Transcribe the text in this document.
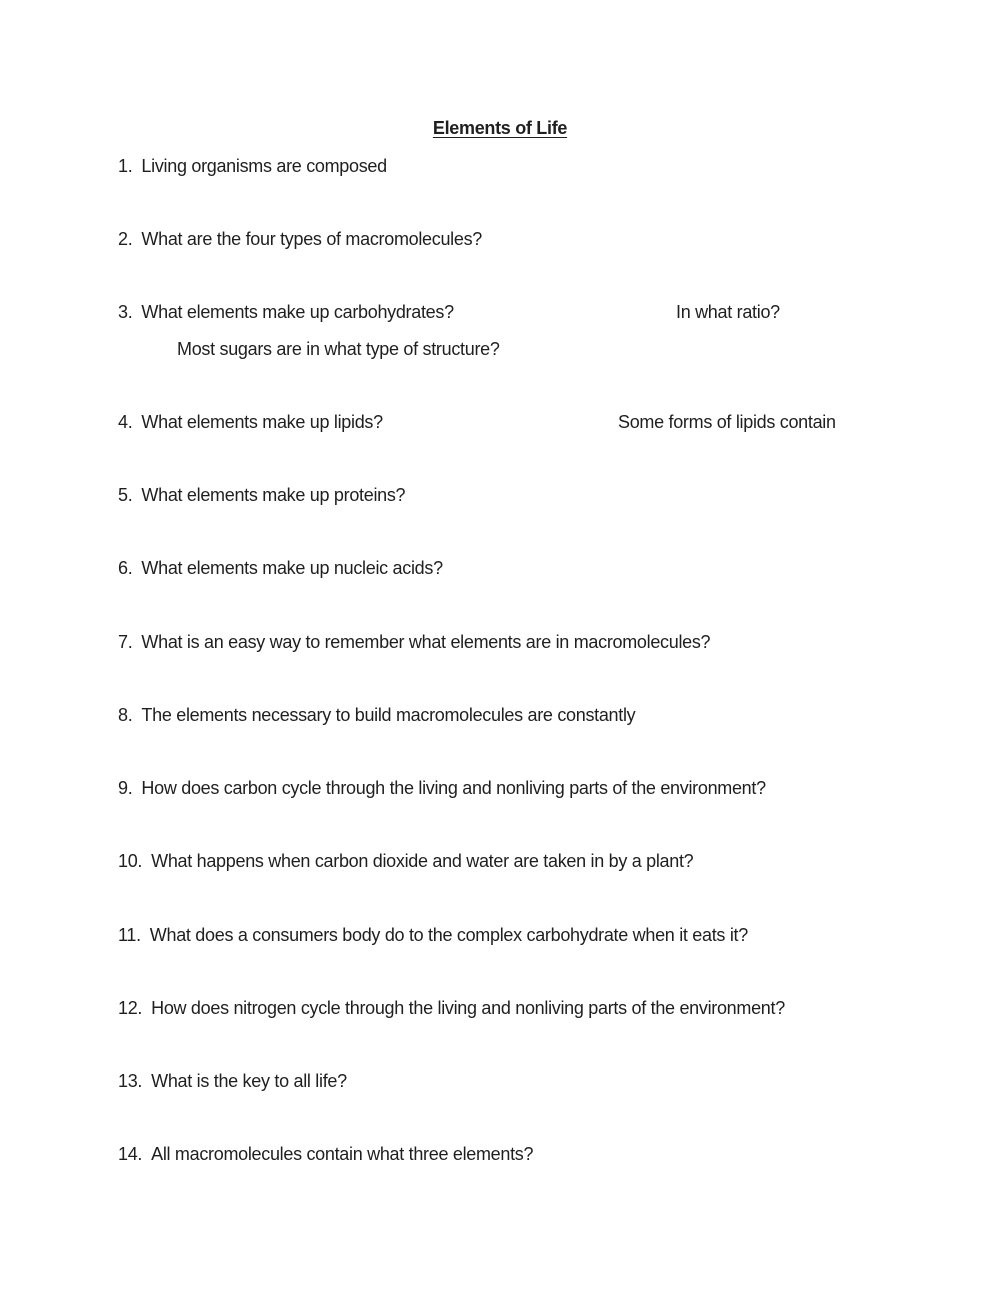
Elements of Life
1. Living organisms are composed
2. What are the four types of macromolecules?
3. What elements make up carbohydrates?	In what ratio?
Most sugars are in what type of structure?
4. What elements make up lipids?	Some forms of lipids contain
5. What elements make up proteins?
6. What elements make up nucleic acids?
7. What is an easy way to remember what elements are in macromolecules?
8. The elements necessary to build macromolecules are constantly
9. How does carbon cycle through the living and nonliving parts of the environment?
10. What happens when carbon dioxide and water are taken in by a plant?
11. What does a consumers body do to the complex carbohydrate when it eats it?
12. How does nitrogen cycle through the living and nonliving parts of the environment?
13. What is the key to all life?
14. All macromolecules contain what three elements?
